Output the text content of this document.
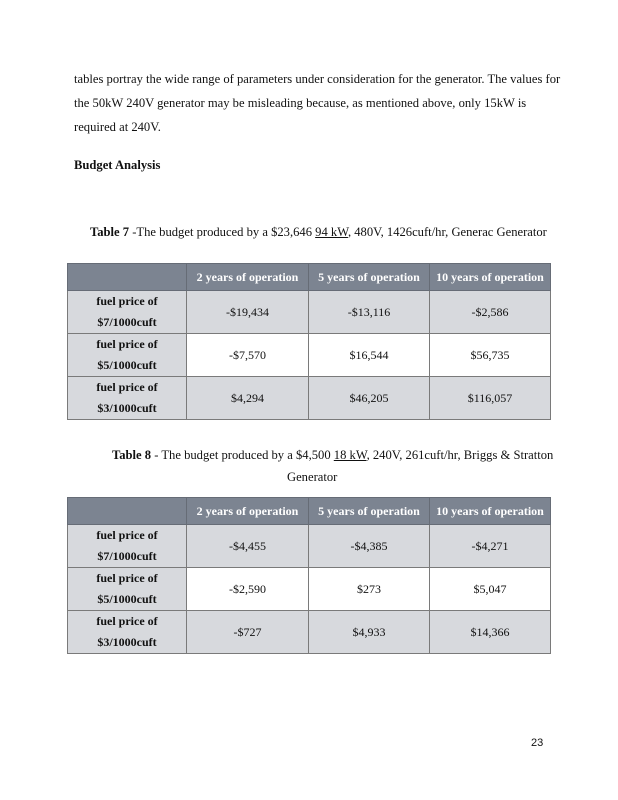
tables portray the wide range of parameters under consideration for the generator. The values for
the 50kW 240V generator may be misleading because, as mentioned above, only 15kW is
required at 240V.

Budget Analysis

Table 7 -The budget produced by a $23,646 94 kW, 480V, 1426cuft/hr, Generac Generator

	2 years of operation	5 years of operation	10 years of operation

fuel price of
$7/1000cuft	-$19,434	-$13,116	-$2,586

fuel price of
$5/1000cuft	-$7,570	$16,544	$56,735

fuel price of
$3/1000cuft	$4,294	$46,205	$116,057

Table 8 - The budget produced by a $4,500 18 kW, 240V, 261cuft/hr, Briggs & Stratton

Generator

	2 years of operation	5 years of operation	10 years of operation

fuel price of
$7/1000cuft	-$4,455	-$4,385	-$4,271

fuel price of
$5/1000cuft	-$2,590	$273	$5,047

fuel price of
$3/1000cuft	-$727	$4,933	$14,366

23
